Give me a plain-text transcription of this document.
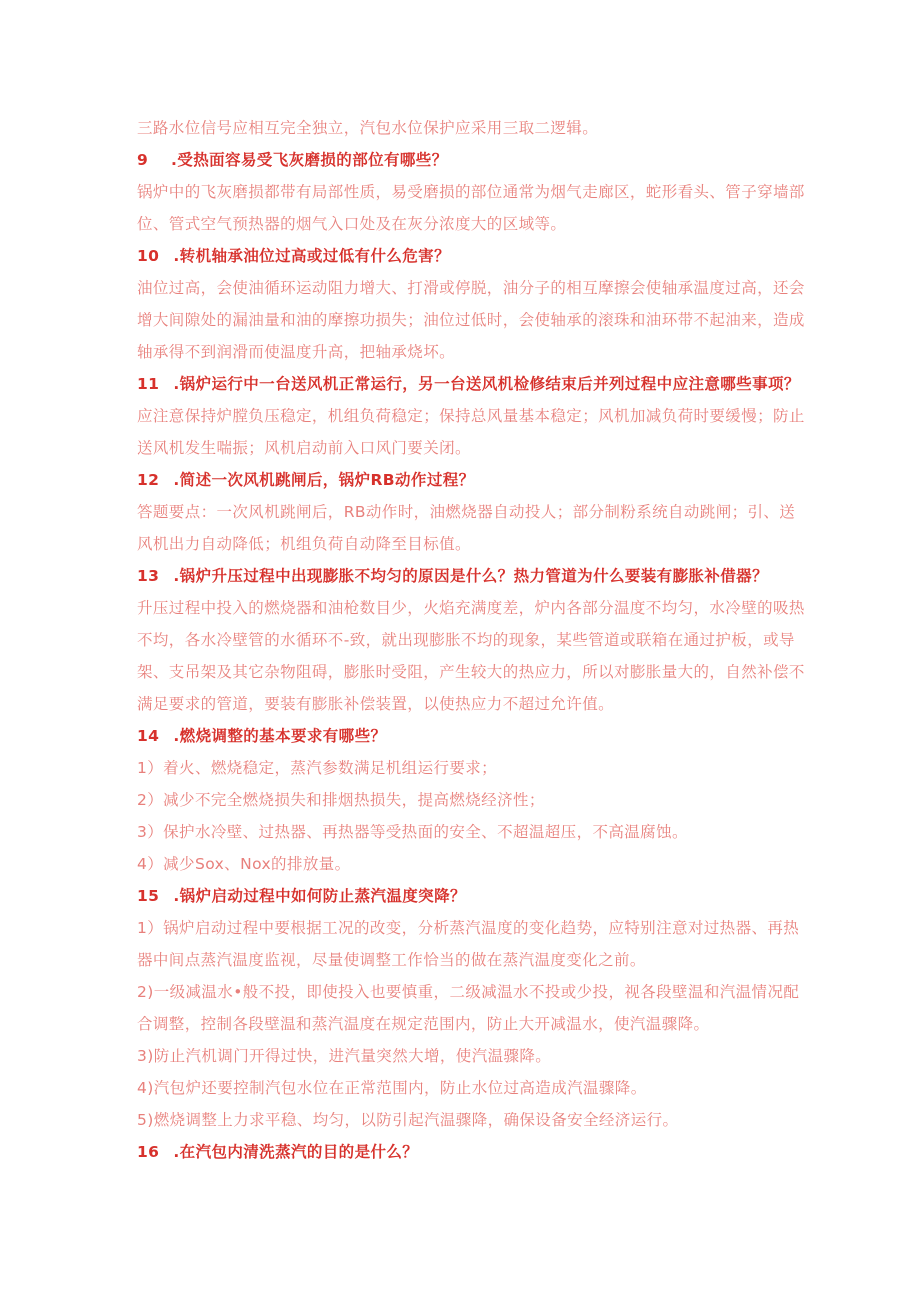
三路水位信号应相互完全独立，汽包水位保护应采用三取二逻辑。
9 .受热面容易受飞灰磨损的部位有哪些？
锅炉中的飞灰磨损都带有局部性质，易受磨损的部位通常为烟气走廊区，蛇形看头、管子穿墙部
位、管式空气预热器的烟气入口处及在灰分浓度大的区域等。
10 .转机轴承油位过高或过低有什么危害？
油位过高，会使油循环运动阻力增大、打滑或停脱，油分子的相互摩擦会使轴承温度过高，还会
增大间隙处的漏油量和油的摩擦功损失；油位过低时，会使轴承的滚珠和油环带不起油来，造成
轴承得不到润滑而使温度升高，把轴承烧坏。
11 .锅炉运行中一台送风机正常运行，另一台送风机检修结束后并列过程中应注意哪些事项？
应注意保持炉膛负压稳定，机组负荷稳定；保持总风量基本稳定；风机加减负荷时要缓慢；防止
送风机发生喘振；风机启动前入口风门要关闭。
12 .简述一次风机跳闸后，锅炉RB动作过程？
答题要点：一次风机跳闸后，RB动作时，油燃烧器自动投人；部分制粉系统自动跳闸；引、送
风机出力自动降低；机组负荷自动降至目标值。
13 .锅炉升压过程中出现膨胀不均匀的原因是什么？热力管道为什么要装有膨胀补借器？
升压过程中投入的燃烧器和油枪数目少，火焰充满度差，炉内各部分温度不均匀，水冷壁的吸热
不均，各水冷壁管的水循环不-致，就出现膨胀不均的现象，某些管道或联箱在通过护板，或导
架、支吊架及其它杂物阻碍，膨胀时受阻，产生较大的热应力，所以对膨胀量大的，自然补偿不
满足要求的管道，要装有膨胀补偿装置，以使热应力不超过允许值。
14 .燃烧调整的基本要求有哪些？
1）着火、燃烧稳定，蒸汽参数满足机组运行要求；
2）减少不完全燃烧损失和排烟热损失，提高燃烧经济性；
3）保护水冷壁、过热器、再热器等受热面的安全、不超温超压，不高温腐蚀。
4）减少Sox、Nox的排放量。
15 .锅炉启动过程中如何防止蒸汽温度突降？
1）锅炉启动过程中要根据工况的改变，分析蒸汽温度的变化趋势，应特别注意对过热器、再热
器中间点蒸汽温度监视，尽量使调整工作恰当的做在蒸汽温度变化之前。
2)一级减温水•般不投，即使投入也要慎重，二级减温水不投或少投，视各段壁温和汽温情况配
合调整，控制各段壁温和蒸汽温度在规定范围内，防止大开减温水，使汽温骤降。
3)防止汽机调门开得过快，进汽量突然大增，使汽温骤降。
4)汽包炉还要控制汽包水位在正常范围内，防止水位过高造成汽温骤降。
5)燃烧调整上力求平稳、均匀，以防引起汽温骤降，确保设备安全经济运行。
16 .在汽包内清洗蒸汽的目的是什么？
